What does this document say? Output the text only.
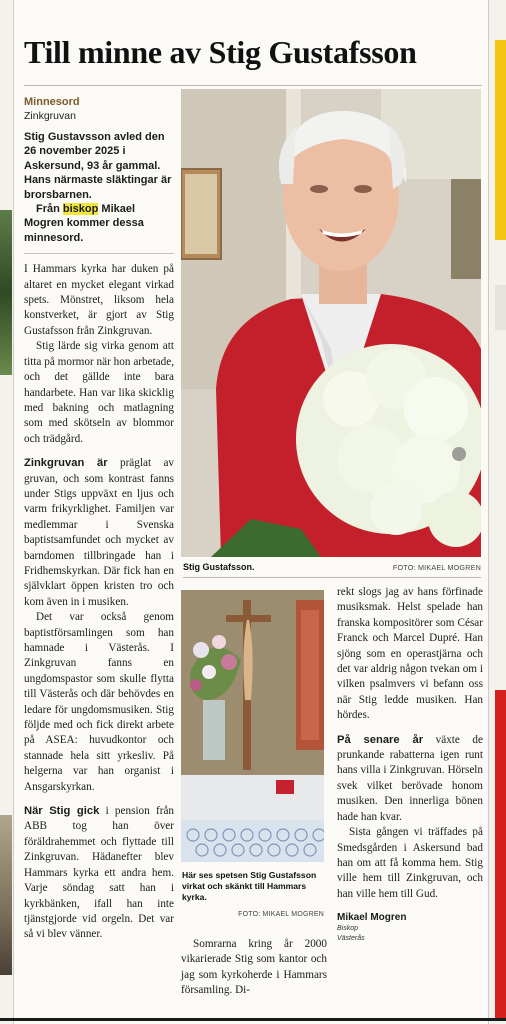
Till minne av Stig Gustafsson
Minnesord
Zinkgruvan

Stig Gustavsson avled den 26 november 2025 i Askersund, 93 år gammal. Hans närmaste släktingar är brorsbarnen.

Från biskop Mikael Mogren kommer dessa minnesord.

I Hammars kyrka har duken på altaret en mycket elegant virkad spets. Mönstret, liksom hela konstverket, är gjort av Stig Gustafsson från Zinkgruvan.

Stig lärde sig virka genom att titta på mormor när hon arbetade, och det gällde inte bara handarbete. Han var lika skicklig med bakning och matlagning som med skötseln av blommor och trädgård.

Zinkgruvan är präglat av gruvan, och som kontrast fanns under Stigs uppväxt en ljus och varm frikyrklighet. Familjen var medlemmar i Svenska baptistsamfundet och mycket av barndomen tillbringade han i Fridhemskyrkan. Där fick han en självklart öppen kristen tro och kom även in i musiken.

Det var också genom baptistförsamlingen som han hamnade i Västerås. I Zinkgruvan fanns en ungdomspastor som skulle flytta till Västerås och där behövdes en ledare för ungdomsmusiken. Stig följde med och fick direkt arbete på ASEA: huvudkontor och stannade hela sitt yrkesliv. På helgerna var han organist i Ansgarskyrkan.

När Stig gick i pension från ABB tog han över föräldrahemmet och flyttade till Zinkgruvan. Hädanefter blev Hammars kyrka ett andra hem. Varje söndag satt han i kyrkbänken, ifall han inte tjänstgjorde vid orgeln. Det var så vi blev vänner.

Stig Gustafsson.	FOTO: MIKAEL MOGREN
Här ses spetsen Stig Gustafsson virkat och skänkt till Hammars kyrka.
FOTO: MIKAEL MOGREN
Somrarna kring år 2000 vikarierade Stig som kantor och jag som kyrkoherde i Hammars församling. Di-

rekt slogs jag av hans förfinade musiksmak. Helst spelade han franska kompositörer som César Franck och Marcel Dupré. Han sjöng som en operastjärna och det var aldrig någon tvekan om i vilken psalmvers vi befann oss när Stig ledde musiken. Han hördes.

På senare år växte de prunkande rabatterna igen runt hans villa i Zinkgruvan. Hörseln svek vilket berövade honom musiken. Den innerliga bönen hade han kvar.

Sista gången vi träffades på Smedsgården i Askersund bad han om att få komma hem. Stig ville hem till Zinkgruvan, och han ville hem till Gud.

Mikael Mogren
Biskop
Västerås
